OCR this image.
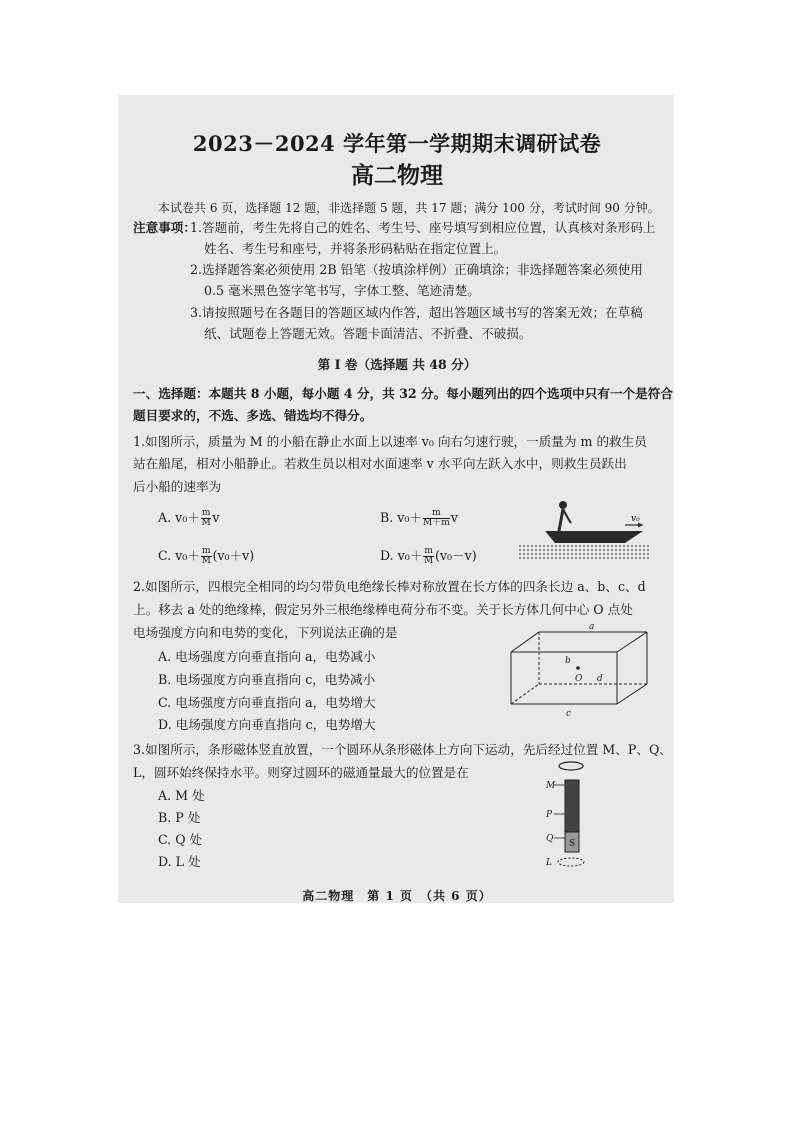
2023－2024 学年第一学期期末调研试卷
高二物理
本试卷共 6 页，选择题 12 题，非选择题 5 题，共 17 题；满分 100 分，考试时间 90 分钟。
注意事项：
1.答题前，考生先将自己的姓名、考生号、座号填写到相应位置，认真核对条形码上
姓名、考生号和座号，并将条形码粘贴在指定位置上。
2.选择题答案必须使用 2B 铅笔（按填涂样例）正确填涂；非选择题答案必须使用
0.5 毫米黑色签字笔书写，字体工整、笔迹清楚。
3.请按照题号在各题目的答题区域内作答，超出答题区域书写的答案无效；在草稿
纸、试题卷上答题无效。答题卡面清洁、不折叠、不破损。
第 Ⅰ 卷（选择题 共 48 分）
一、选择题：本题共 8 小题，每小题 4 分，共 32 分。每小题列出的四个选项中只有一个是符合
题目要求的，不选、多选、错选均不得分。
1.如图所示，质量为 M 的小船在静止水面上以速率 v₀ 向右匀速行驶，一质量为 m 的救生员
站在船尾，相对小船静止。若救生员以相对水面速率 v 水平向左跃入水中，则救生员跃出
后小船的速率为
A. $v_0+ \frac{m}{M}$ v	B. $v_0+ \frac{m}{M+m}$ v
C. $v_0+ \frac{m}{M} (v_0+v)$	D. $v_0+ \frac{m}{M} (v_0-v)$
v₀
2.如图所示，四根完全相同的均匀带负电绝缘长棒对称放置在长方体的四条长边 a、b、c、d
上。移去 a 处的绝缘棒，假定另外三根绝缘棒电荷分布不变。关于长方体几何中心 O 点处
电场强度方向和电势的变化，下列说法正确的是
A. 电场强度方向垂直指向 a，电势减小
B. 电场强度方向垂直指向 c，电势减小
C. 电场强度方向垂直指向 a，电势增大
D. 电场强度方向垂直指向 c，电势增大
a
b
c
d
O
3.如图所示，条形磁体竖直放置，一个圆环从条形磁体上方向下运动，先后经过位置 M、P、Q、
L，圆环始终保持水平。则穿过圆环的磁通量最大的位置是在
A. M 处
B. P 处
C. Q 处
D. L 处
M
P
Q
L
S
高二物理　第 1 页　（共 6 页）
